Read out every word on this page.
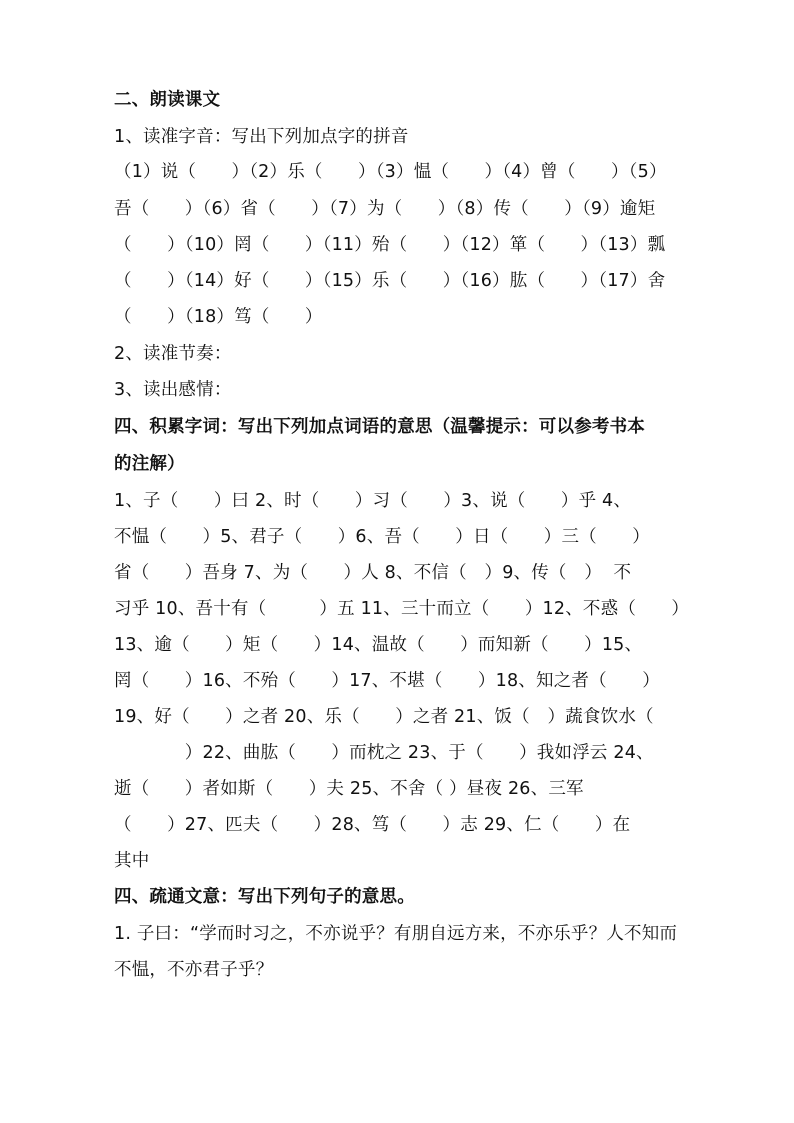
二、朗读课文
1、读准字音：写出下列加点字的拼音
（1）说（　　）（2）乐（　　）（3）愠（　　）（4）曾（　　）（5）
吾（　　）（6）省（　　）（7）为（　　）（8）传（　　）（9）逾矩
（　　）（10）罔（　　）（11）殆（　　）（12）箪（　　）（13）瓢
（　　）（14）好（　　）（15）乐（　　）（16）肱（　　）（17）舍
（　　）（18）笃（　　）
2、读准节奏：
3、读出感情：
四、积累字词：写出下列加点词语的意思（温馨提示：可以参考书本
的注解）
1、子（　　）曰 2、时（　　）习（　　）3、说（　　）乎 4、
不愠（　　）5、君子（　　）6、吾（　　）日（　　）三（　　）
省（　　）吾身 7、为（　　）人 8、不信（　）9、传（　）  不
习乎 10、吾十有（　　　）五 11、三十而立（　　）12、不惑（　　）
13、逾（　　）矩（　　）14、温故（　　）而知新（　　）15、
罔（　　）16、不殆（　　）17、不堪（　　）18、知之者（　　）
19、好（　　）之者 20、乐（　　）之者 21、饭（　）蔬食饮水（
　　　　）22、曲肱（　　）而枕之 23、于（　　）我如浮云 24、
逝（　　）者如斯（　　）夫 25、不舍（ ）昼夜 26、三军
（　　）27、匹夫（　　）28、笃（　　）志 29、仁（　　）在
其中
四、疏通文意：写出下列句子的意思。
1. 子曰：“学而时习之，不亦说乎？有朋自远方来，不亦乐乎？人不知而
不愠，不亦君子乎？
